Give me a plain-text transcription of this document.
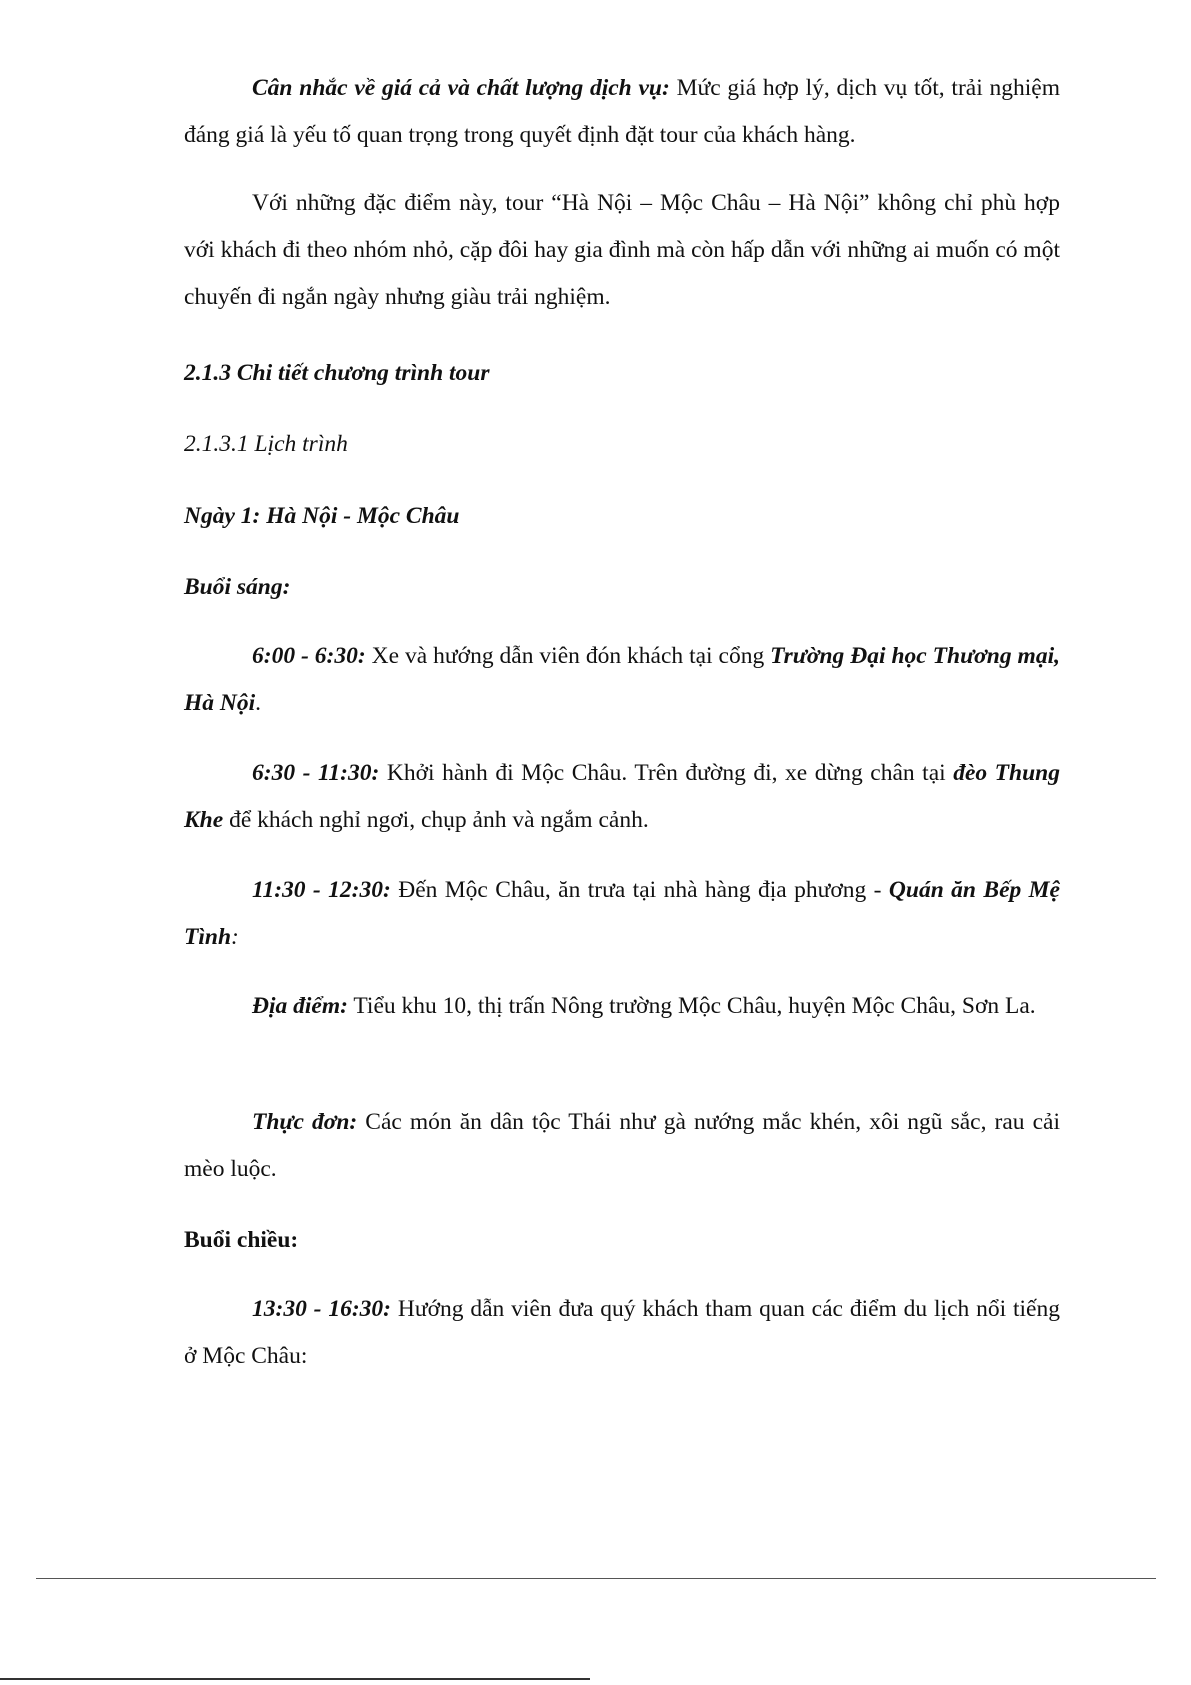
Cân nhắc về giá cả và chất lượng dịch vụ: Mức giá hợp lý, dịch vụ tốt, trải nghiệm đáng giá là yếu tố quan trọng trong quyết định đặt tour của khách hàng.

Với những đặc điểm này, tour “Hà Nội – Mộc Châu – Hà Nội” không chỉ phù hợp với khách đi theo nhóm nhỏ, cặp đôi hay gia đình mà còn hấp dẫn với những ai muốn có một chuyến đi ngắn ngày nhưng giàu trải nghiệm.

2.1.3 Chi tiết chương trình tour

2.1.3.1 Lịch trình

Ngày 1: Hà Nội - Mộc Châu

Buổi sáng:

6:00 - 6:30: Xe và hướng dẫn viên đón khách tại cổng Trường Đại học Thương mại, Hà Nội.

6:30 - 11:30: Khởi hành đi Mộc Châu. Trên đường đi, xe dừng chân tại đèo Thung Khe để khách nghỉ ngơi, chụp ảnh và ngắm cảnh.

11:30 - 12:30: Đến Mộc Châu, ăn trưa tại nhà hàng địa phương - Quán ăn Bếp Mệ Tình:

Địa điểm: Tiểu khu 10, thị trấn Nông trường Mộc Châu, huyện Mộc Châu, Sơn La.

Thực đơn: Các món ăn dân tộc Thái như gà nướng mắc khén, xôi ngũ sắc, rau cải mèo luộc.

Buổi chiều:

13:30 - 16:30: Hướng dẫn viên đưa quý khách tham quan các điểm du lịch nổi tiếng ở Mộc Châu:
